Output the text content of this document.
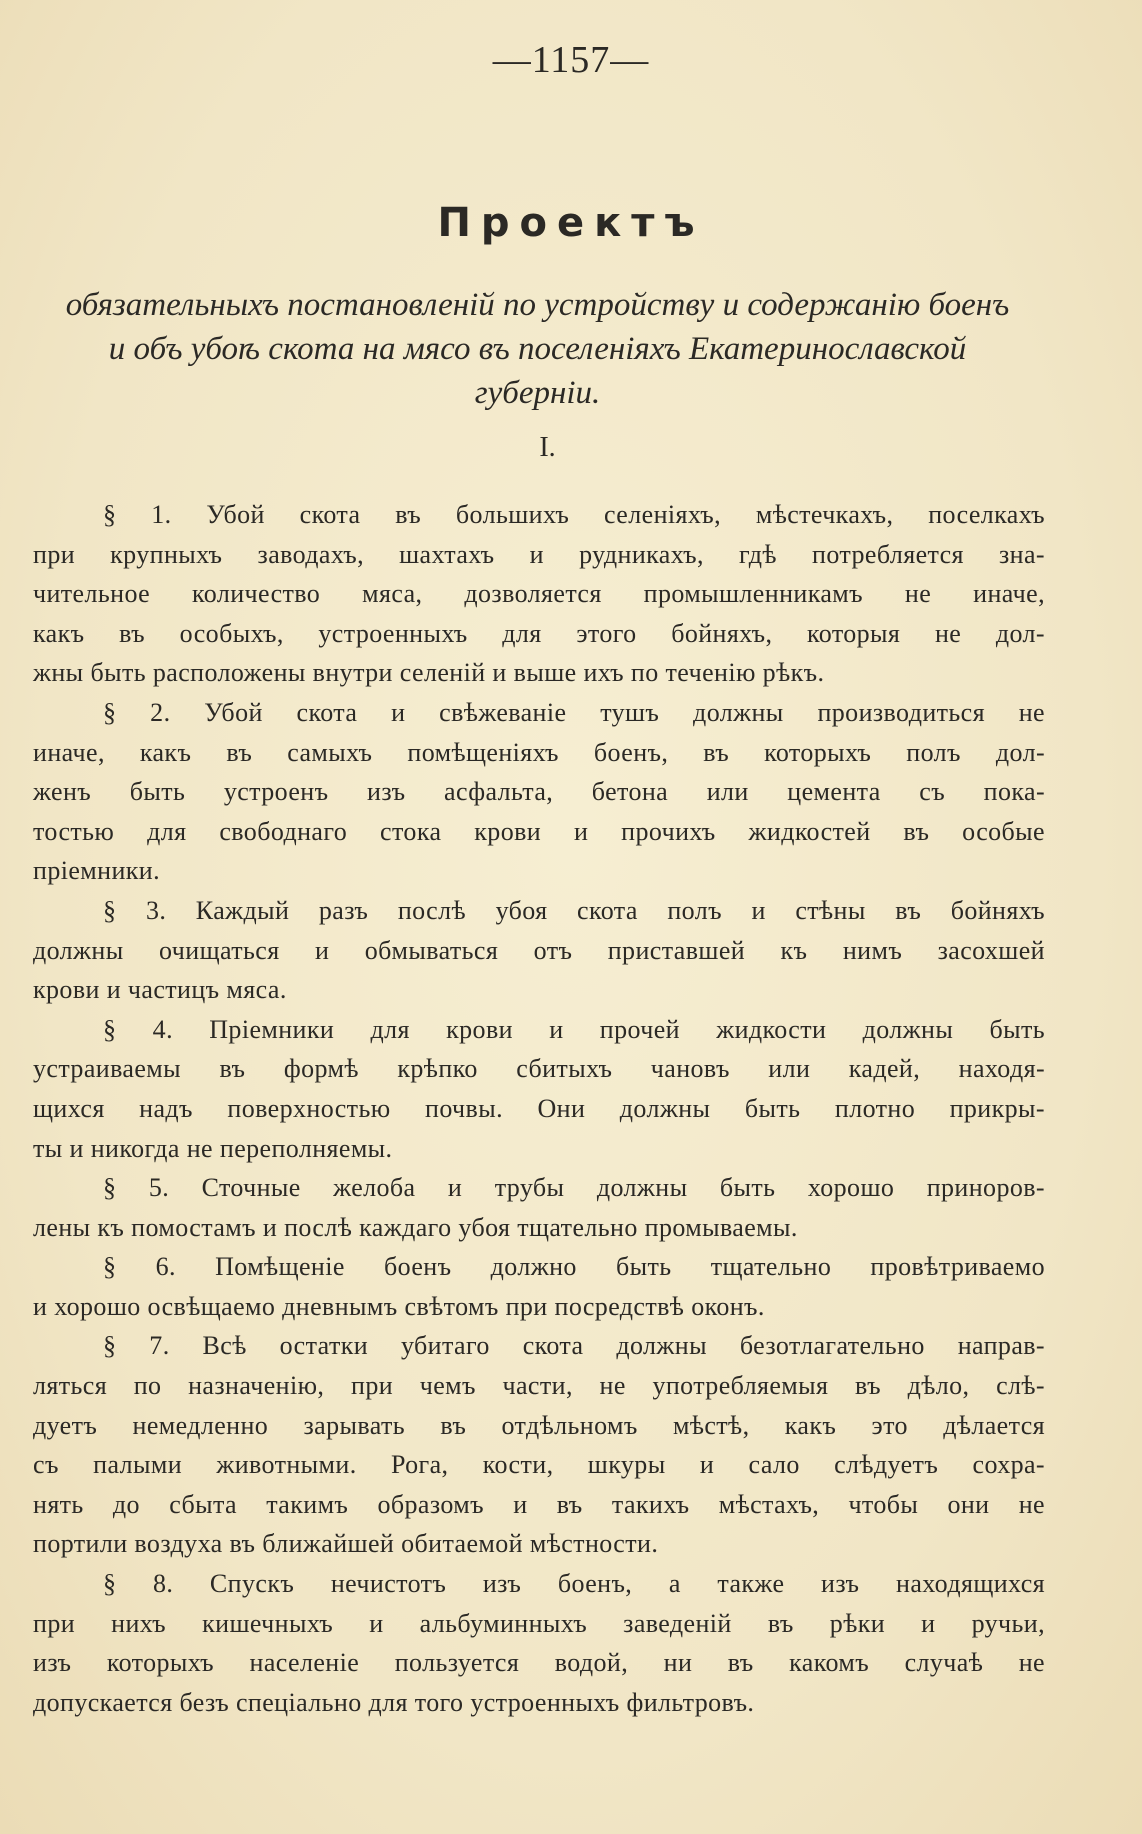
—1157—
Проектъ
обязательныхъ постановленій по устройству и содержанію боенъ
и объ убоѣ скота на мясо въ поселеніяхъ Екатеринославской
губерніи.
I.
§ 1. Убой скота въ большихъ селеніяхъ, мѣстечкахъ, поселкахъ
при крупныхъ заводахъ, шахтахъ и рудникахъ, гдѣ потребляется зна-
чительное количество мяса, дозволяется промышленникамъ не иначе,
какъ въ особыхъ, устроенныхъ для этого бойняхъ, которыя не дол-
жны быть расположены внутри селеній и выше ихъ по теченію рѣкъ.
§ 2. Убой скота и свѣжеваніе тушъ должны производиться не
иначе, какъ въ самыхъ помѣщеніяхъ боенъ, въ которыхъ полъ дол-
женъ быть устроенъ изъ асфальта, бетона или цемента съ пока-
тостью для свободнаго стока крови и прочихъ жидкостей въ особые
пріемники.
§ 3. Каждый разъ послѣ убоя скота полъ и стѣны въ бойняхъ
должны очищаться и обмываться отъ приставшей къ нимъ засохшей
крови и частицъ мяса.
§ 4. Пріемники для крови и прочей жидкости должны быть
устраиваемы въ формѣ крѣпко сбитыхъ чановъ или кадей, находя-
щихся надъ поверхностью почвы. Они должны быть плотно прикры-
ты и никогда не переполняемы.
§ 5. Сточные желоба и трубы должны быть хорошо приноров-
лены къ помостамъ и послѣ каждаго убоя тщательно промываемы.
§ 6. Помѣщеніе боенъ должно быть тщательно провѣтриваемо
и хорошо освѣщаемо дневнымъ свѣтомъ при посредствѣ оконъ.
§ 7. Всѣ остатки убитаго скота должны безотлагательно направ-
ляться по назначенію, при чемъ части, не употребляемыя въ дѣло, слѣ-
дуетъ немедленно зарывать въ отдѣльномъ мѣстѣ, какъ это дѣлается
съ палыми животными. Рога, кости, шкуры и сало слѣдуетъ сохра-
нять до сбыта такимъ образомъ и въ такихъ мѣстахъ, чтобы они не
портили воздуха въ ближайшей обитаемой мѣстности.
§ 8. Спускъ нечистотъ изъ боенъ, а также изъ находящихся
при нихъ кишечныхъ и альбуминныхъ заведеній въ рѣки и ручьи,
изъ которыхъ населеніе пользуется водой, ни въ какомъ случаѣ не
допускается безъ спеціально для того устроенныхъ фильтровъ.
